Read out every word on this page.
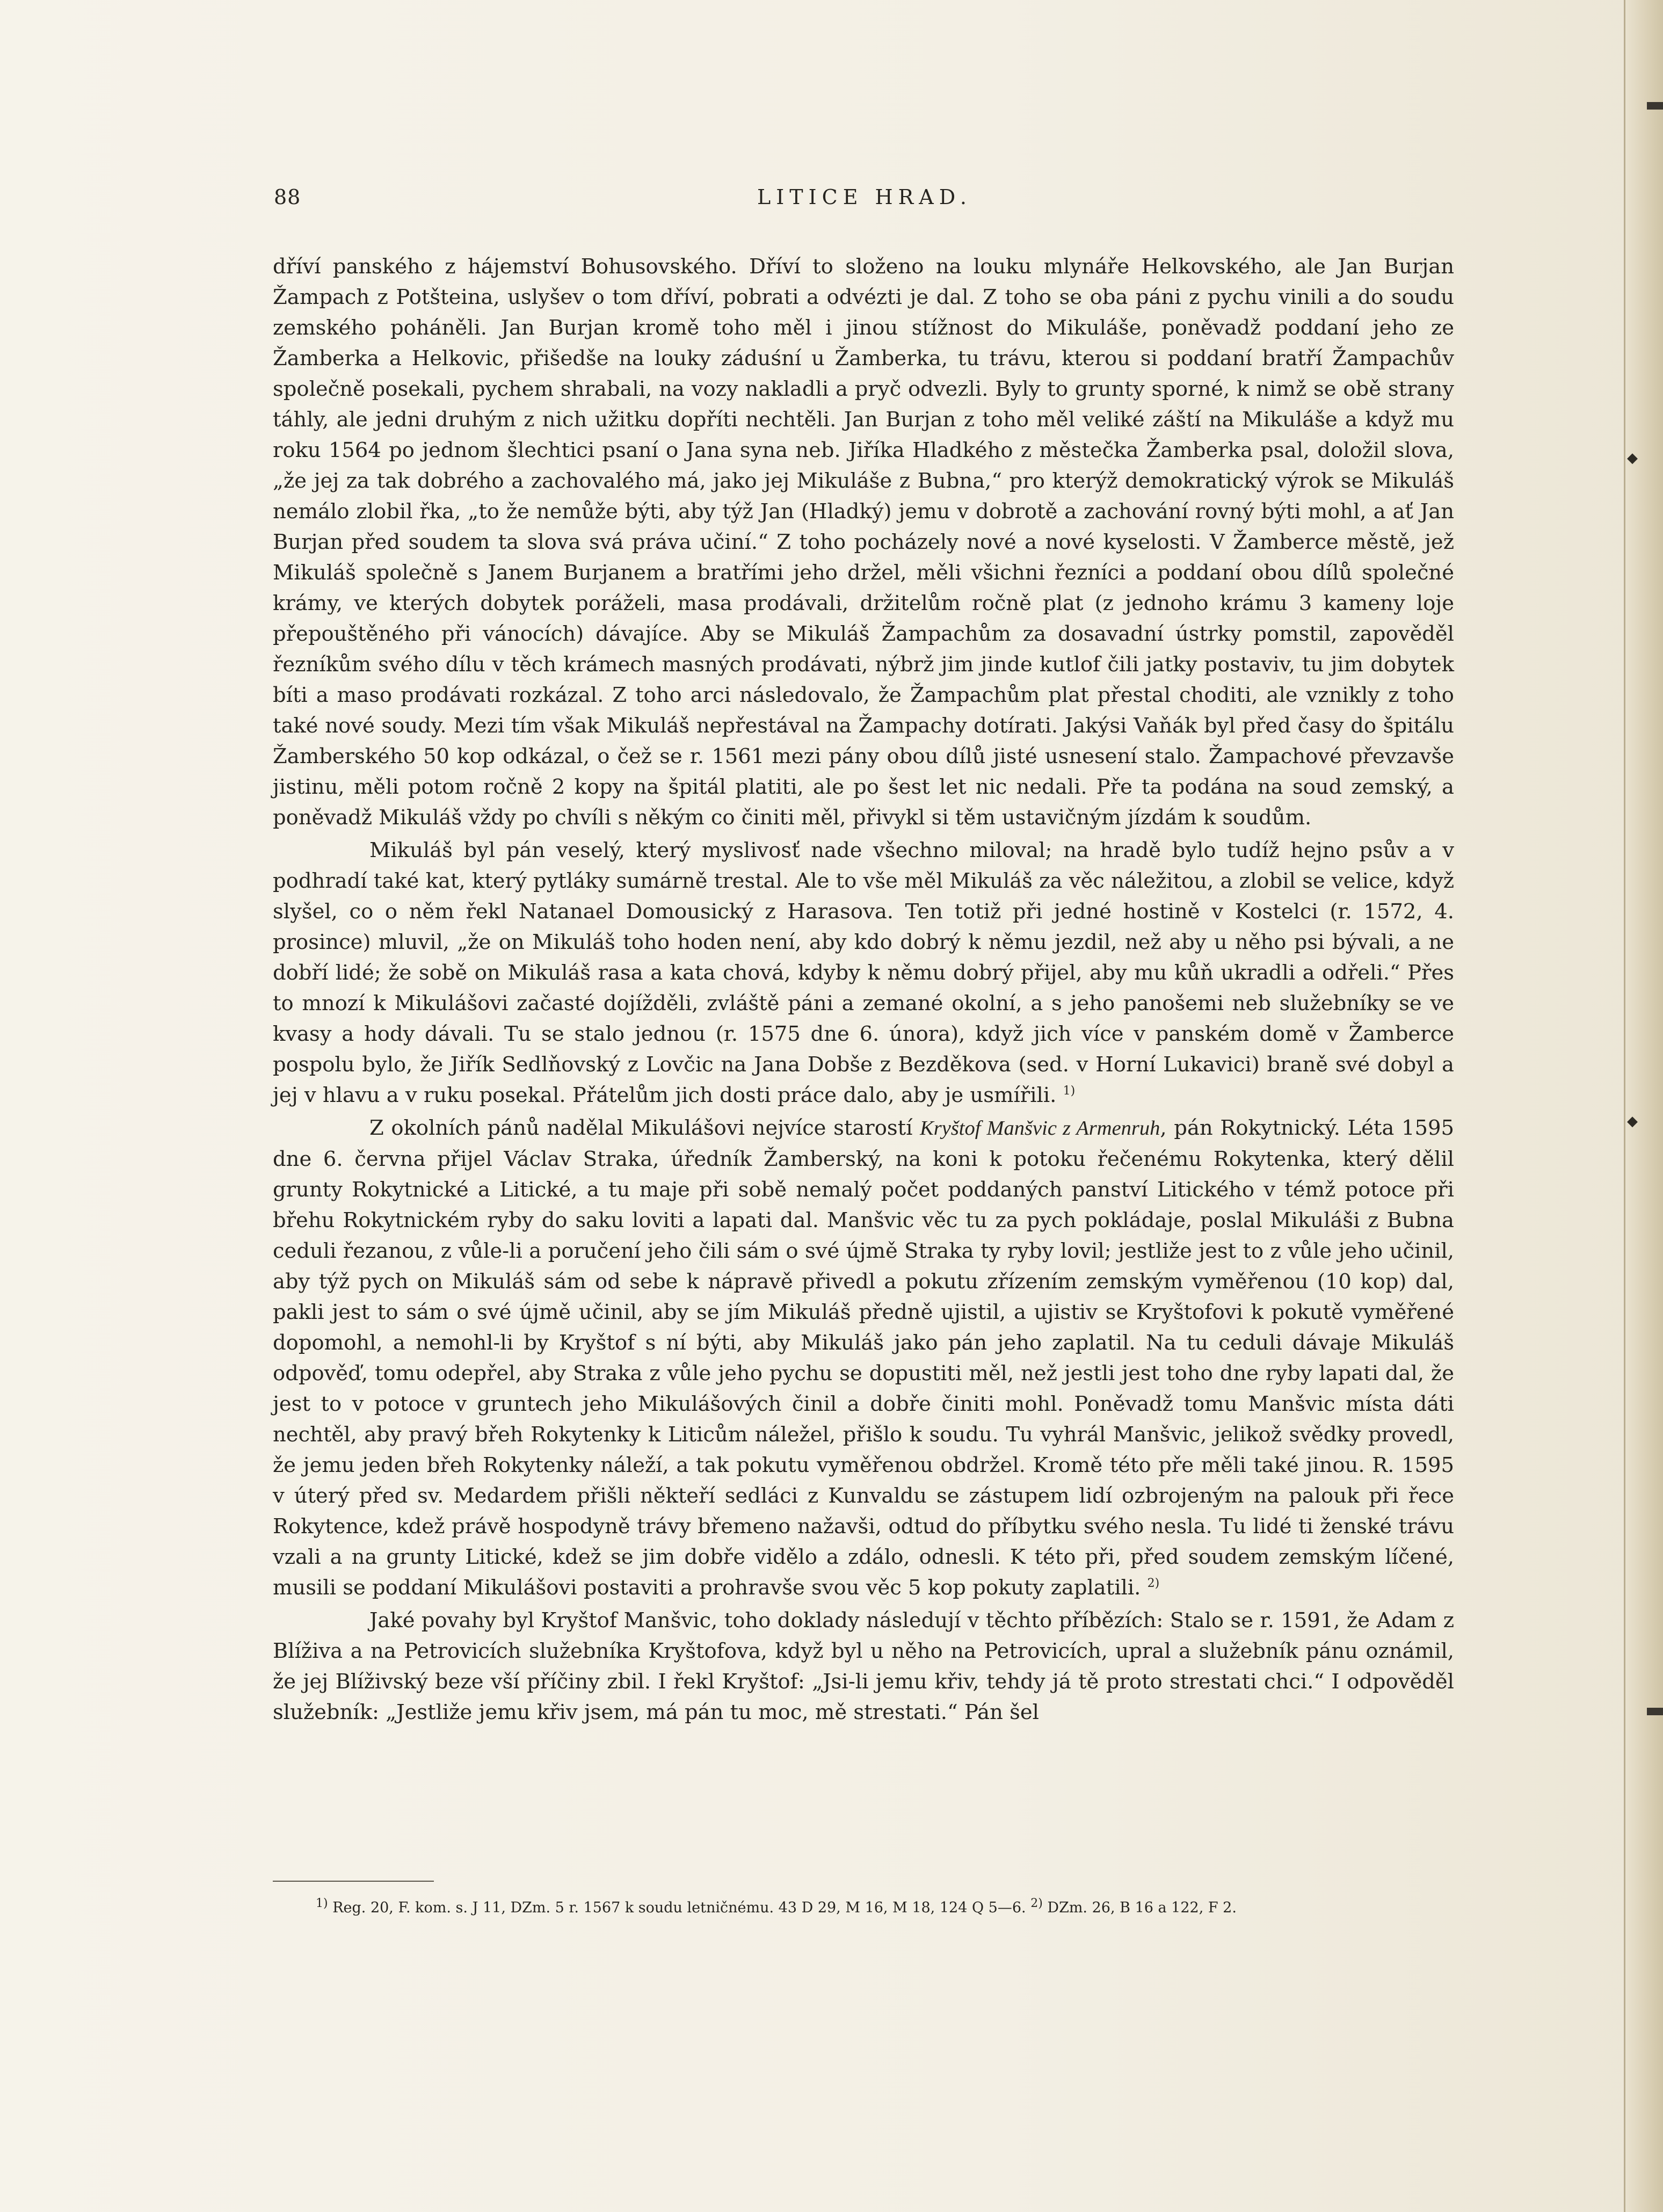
◆
◆
88	LITICE HRAD.

dříví panského z hájemství Bohusovského. Dříví to složeno na louku mlynáře Helkovského, ale Jan Burjan Žampach z Potšteina, uslyšev o tom dříví, pobrati a odvézti je dal. Z toho se oba páni z pychu vinili a do soudu zemského poháněli. Jan Burjan kromě toho měl i jinou stížnost do Mikuláše, poněvadž poddaní jeho ze Žamberka a Helkovic, přišedše na louky záduśní u Žamberka, tu trávu, kterou si poddaní bratří Žampachův společně posekali, pychem shrabali, na vozy nakladli a pryč odvezli. Byly to grunty sporné, k nimž se obě strany táhly, ale jedni druhým z nich užitku dopříti nechtěli. Jan Burjan z toho měl veliké záští na Mikuláše a když mu roku 1564 po jednom šlechtici psaní o Jana syna neb. Jiříka Hladkého z městečka Žamberka psal, doložil slova, „že jej za tak dobrého a zachovalého má, jako jej Mikuláše z Bubna,“ pro kterýž demokratický výrok se Mikuláš nemálo zlobil řka, „to že nemůže býti, aby týž Jan (Hladký) jemu v dobrotě a zachování rovný býti mohl, a ať Jan Burjan před soudem ta slova svá práva učiní.“ Z toho pocházely nové a nové kyselosti. V Žamberce městě, jež Mikuláš společně s Janem Burjanem a bratřími jeho držel, měli všichni řezníci a poddaní obou dílů společné krámy, ve kterých dobytek poráželi, masa prodávali, držitelům ročně plat (z jednoho krámu 3 kameny loje přepouštěného při vánocích) dávajíce. Aby se Mikuláš Žampachům za dosavadní ústrky pomstil, zapověděl řezníkům svého dílu v těch krámech masných prodávati, nýbrž jim jinde kutlof čili jatky postaviv, tu jim dobytek bíti a maso prodávati rozkázal. Z toho arci následovalo, že Žampachům plat přestal choditi, ale vznikly z toho také nové soudy. Mezi tím však Mikuláš nepřestával na Žampachy dotírati. Jakýsi Vaňák byl před časy do špitálu Žamberského 50 kop odkázal, o čež se r. 1561 mezi pány obou dílů jisté usnesení stalo. Žampachové převzavše jistinu, měli potom ročně 2 kopy na špitál platiti, ale po šest let nic nedali. Pře ta podána na soud zemský, a poněvadž Mikuláš vždy po chvíli s někým co činiti měl, přivykl si těm ustavičným jízdám k soudům.

Mikuláš byl pán veselý, který myslivosť nade všechno miloval; na hradě bylo tudíž hejno psův a v podhradí také kat, který pytláky sumárně trestal. Ale to vše měl Mikuláš za věc náležitou, a zlobil se velice, když slyšel, co o něm řekl Natanael Domousický z Harasova. Ten totiž při jedné hostině v Kostelci (r. 1572, 4. prosince) mluvil, „že on Mikuláš toho hoden není, aby kdo dobrý k němu jezdil, než aby u něho psi bývali, a ne dobří lidé; že sobě on Mikuláš rasa a kata chová, kdyby k němu dobrý přijel, aby mu kůň ukradli a odřeli.“ Přes to mnozí k Mikulášovi začasté dojížděli, zvláště páni a zemané okolní, a s jeho panošemi neb služebníky se ve kvasy a hody dávali. Tu se stalo jednou (r. 1575 dne 6. února), když jich více v panském domě v Žamberce pospolu bylo, že Jiřík Sedlňovský z Lovčic na Jana Dobše z Bezděkova (sed. v Horní Lukavici) braně své dobyl a jej v hlavu a v ruku posekal. Přátelům jich dosti práce dalo, aby je usmířili. $^{1)}$

Z okolních pánů nadělal Mikulášovi nejvíce starostí Kryštof Manšvic z Armenruh, pán Rokytnický. Léta 1595 dne 6. června přijel Václav Straka, úředník Žamberský, na koni k potoku řečenému Rokytenka, který dělil grunty Rokytnické a Litické, a tu maje při sobě nemalý počet poddaných panství Litického v témž potoce při břehu Rokytnickém ryby do saku loviti a lapati dal. Manšvic věc tu za pych pokládaje, poslal Mikuláši z Bubna ceduli řezanou, z vůle-li a poručení jeho čili sám o své újmě Straka ty ryby lovil; jestliže jest to z vůle jeho učinil, aby týž pych on Mikuláš sám od sebe k nápravě přivedl a pokutu zřízením zemským vyměřenou (10 kop) dal, pakli jest to sám o své újmě učinil, aby se jím Mikuláš předně ujistil, a ujistiv se Kryštofovi k pokutě vyměřené dopomohl, a nemohl-li by Kryštof s ní býti, aby Mikuláš jako pán jeho zaplatil. Na tu ceduli dávaje Mikuláš odpověď, tomu odepřel, aby Straka z vůle jeho pychu se dopustiti měl, než jestli jest toho dne ryby lapati dal, že jest to v potoce v gruntech jeho Mikulášových činil a dobře činiti mohl. Poněvadž tomu Manšvic místa dáti nechtěl, aby pravý břeh Rokytenky k Liticům náležel, přišlo k soudu. Tu vyhrál Manšvic, jelikož svědky provedl, že jemu jeden břeh Rokytenky náleží, a tak pokutu vyměřenou obdržel. Kromě této pře měli také jinou. R. 1595 v úterý před sv. Medardem přišli někteří sedláci z Kunvaldu se zástupem lidí ozbrojeným na palouk při řece Rokytence, kdež právě hospodyně trávy břemeno nažavši, odtud do příbytku svého nesla. Tu lidé ti ženské trávu vzali a na grunty Litické, kdež se jim dobře vidělo a zdálo, odnesli. K této při, před soudem zemským líčené, musili se poddaní Mikulášovi postaviti a prohravše svou věc 5 kop pokuty zaplatili. $^{2)}$

Jaké povahy byl Kryštof Manšvic, toho doklady následují v těchto příbězích: Stalo se r. 1591, že Adam z Blíživa a na Petrovicích služebníka Kryštofova, když byl u něho na Petrovicích, upral a služebník pánu oznámil, že jej Blíživský beze vší příčiny zbil. I řekl Kryštof: „Jsi-li jemu křiv, tehdy já tě proto strestati chci.“ I odpověděl služebník: „Jestliže jemu křiv jsem, má pán tu moc, mě strestati.“ Pán šel

$^{1)}$ Reg. 20, F. kom. s. J 11, DZm. 5 r. 1567 k soudu letničnému. 43 D 29, M 16, M 18, 124 Q 5—6. $^{2)}$ DZm. 26, B 16 a 122, F 2.
